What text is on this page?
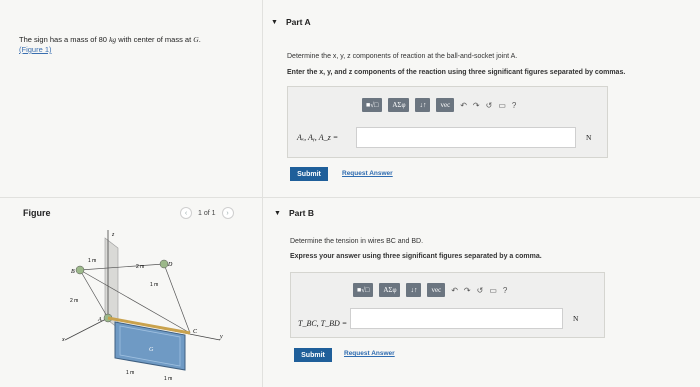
The sign has a mass of 80 kg with center of mass at G.
(Figure 1)
Figure	‹	1 of 1	›
z
1 m
2 m	D
1 m
B
2 m
C
A
G
y
x
1 m
1 m
▼ Part A
Determine the x, y, z components of reaction at the ball-and-socket joint A.
Enter the x, y, and z components of the reaction using three significant figures separated by commas.
■√□	ΑΣφ	↓↑	vec	↶ ↷ ↺ ▭ ?
Aₓ, Aᵧ, A_z =	N
Submit	Request Answer
▼ Part B
Determine the tension in wires BC and BD.
Express your answer using three significant figures separated by a comma.
■√□	ΑΣφ	↓↑	vec	↶ ↷ ↺ ▭ ?
T_BC, T_BD =
N
Submit	Request Answer
